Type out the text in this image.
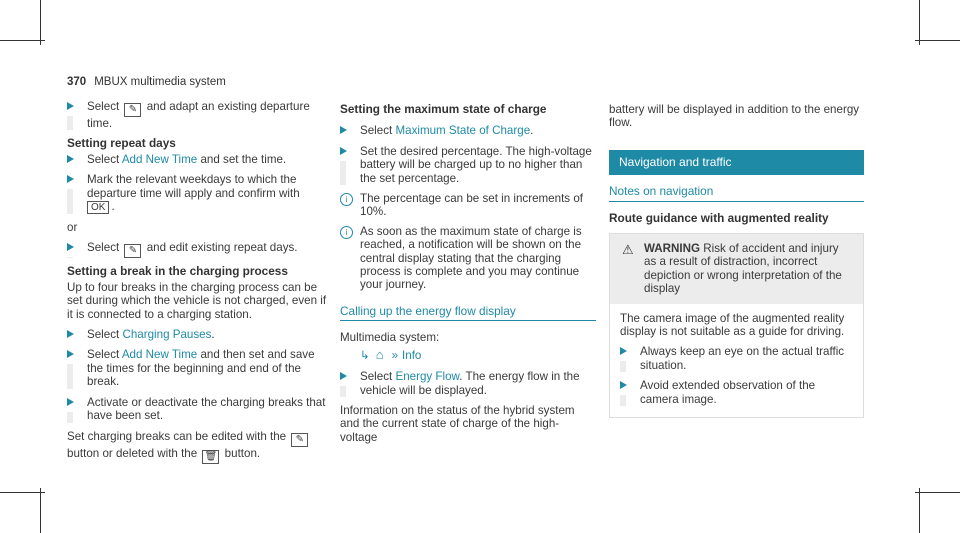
370 MBUX multimedia system
Select ✎ and adapt an existing departure time.
Setting repeat days
Select Add New Time and set the time.
Mark the relevant weekdays to which the departure time will apply and confirm with
OK .
or
Select ✎ and edit existing repeat days.
Setting a break in the charging process
Up to four breaks in the charging process can be set during which the vehicle is not charged, even if it is connected to a charging station.
Select Charging Pauses.
Select Add New Time and then set and save the times for the beginning and end of the break.
Activate or deactivate the charging breaks that have been set.
Set charging breaks can be edited with the ✎ button or deleted with the 🗑 button.
Setting the maximum state of charge
Select Maximum State of Charge.
Set the desired percentage. The high-voltage battery will be charged up to no higher than the set percentage.
i	The percentage can be set in increments of 10%.
i	As soon as the maximum state of charge is reached, a notification will be shown on the central display stating that the charging process is complete and you may continue your journey.
Calling up the energy flow display
Multimedia system:
↳ ⌂ » Info
Select Energy Flow. The energy flow in the vehicle will be displayed.
Information on the status of the hybrid system and the current state of charge of the high-voltage
battery will be displayed in addition to the energy flow.
Navigation and traffic
Notes on navigation
Route guidance with augmented reality
⚠ WARNING Risk of accident and injury as a result of distraction, incorrect depiction or wrong interpretation of the display
The camera image of the augmented reality display is not suitable as a guide for driving.
Always keep an eye on the actual traffic situation.
Avoid extended observation of the camera image.
